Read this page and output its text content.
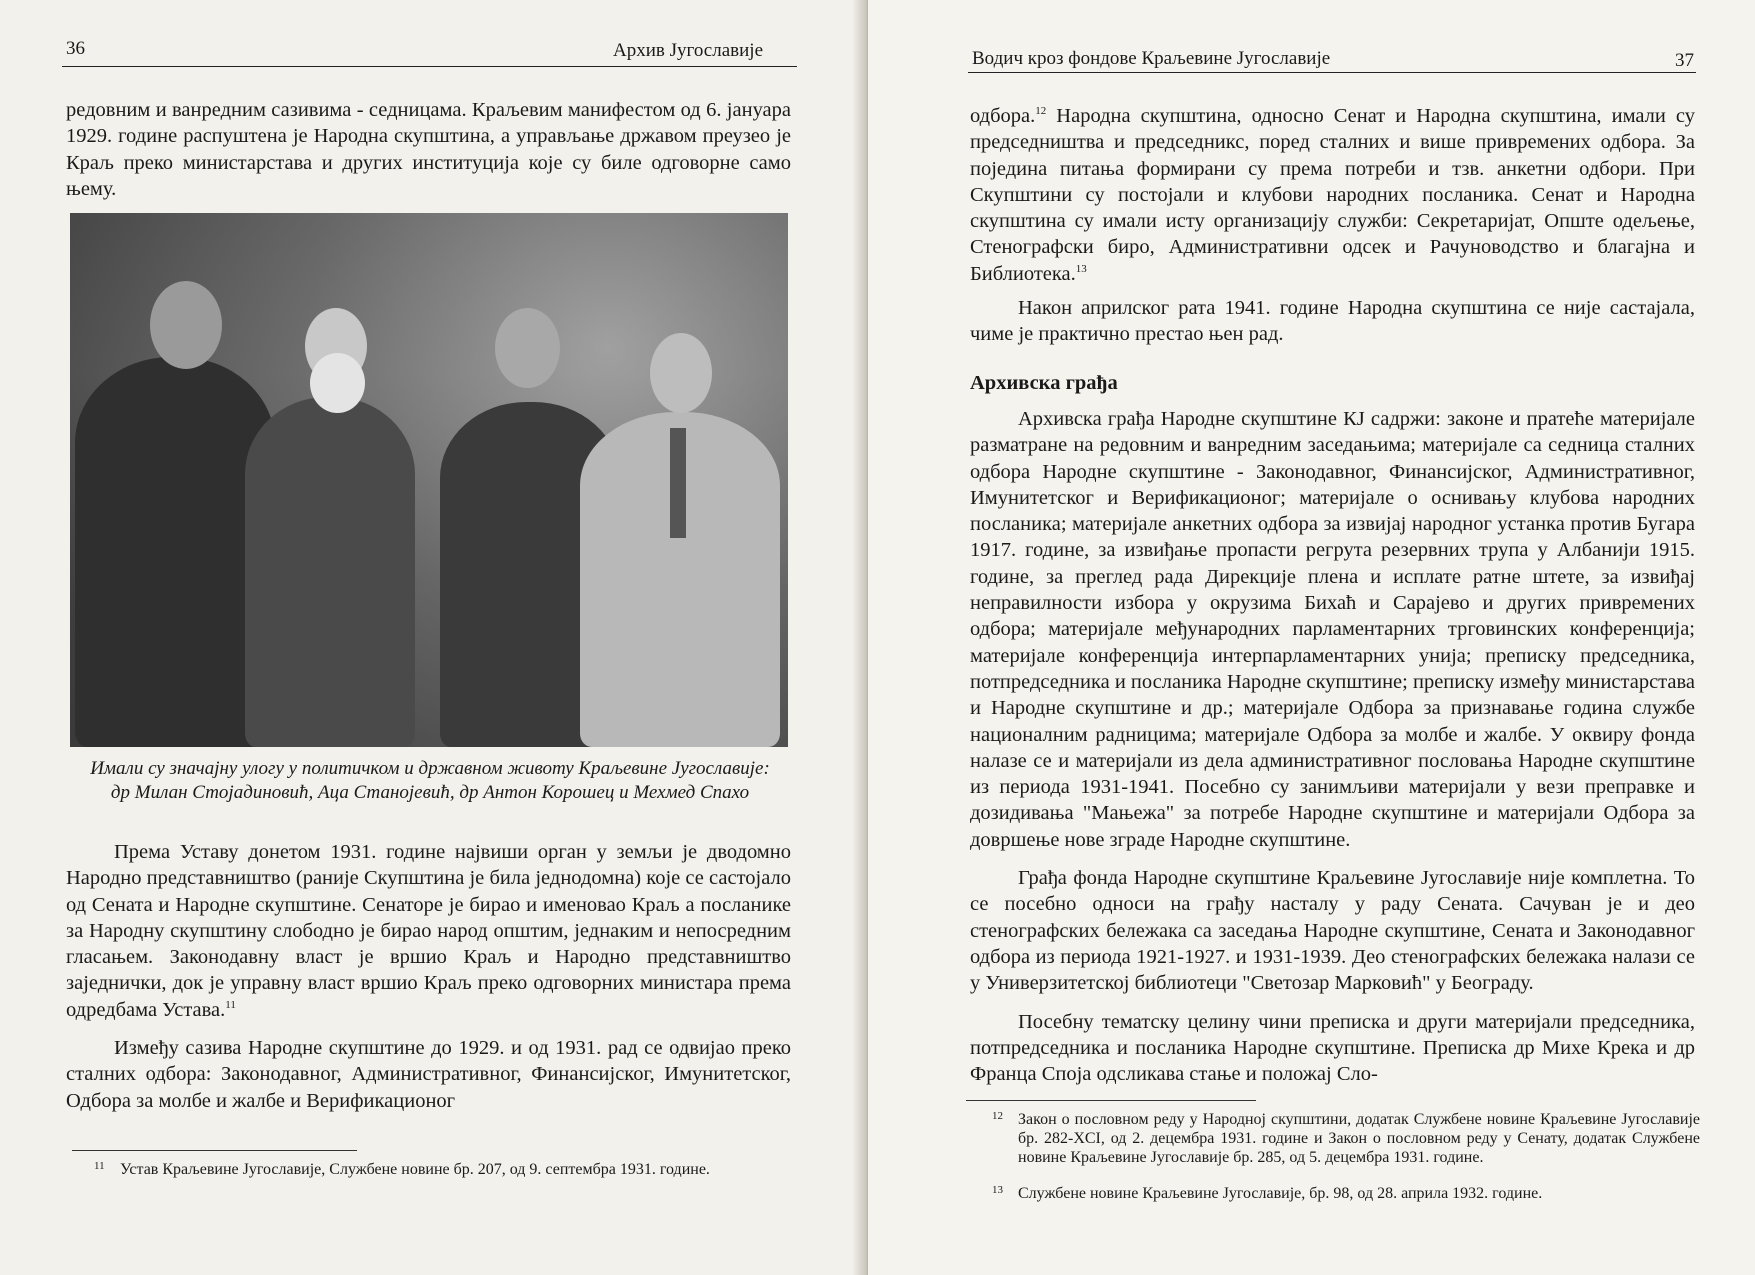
36	Архив Југославије

редовним и ванредним сазивима - седницама. Краљевим манифестом од 6. јануара 1929. године распуштена је Народна скупштина, а управљање државом преузео је Краљ преко министарстава и других институција које су биле одговорне само њему.

Имали су значајну улогу у политичком и државном животу Краљевине Југославије: др Милан Стојадиновић, Аца Станојевић, др Антон Корошец и Мехмед Спахо

Према Уставу донетом 1931. године највиши орган у земљи је дводомно Народно представништво (раније Скупштина је била једнодомна) које се састојало од Сената и Народне скупштине. Сенаторе је бирао и именовао Краљ а посланике за Народну скупштину слободно је бирао народ општим, једнаким и непосредним гласањем. Законодавну власт је вршио Краљ и Народно представништво заједнички, док је управну власт вршио Краљ преко одговорних министара према одредбама Устава.$^{11}$

Између сазива Народне скупштине до 1929. и од 1931. рад се одвијао преко сталних одбора: Законодавног, Административног, Финансијског, Имунитетског, Одбора за молбе и жалбе и Верификационог

11 Устав Краљевине Југославије, Службене новине бр. 207, од 9. септембра 1931. године.
Водич кроз фондове Краљевине Југославије	37

одбора.$^{12}$ Народна скупштина, односно Сенат и Народна скупштина, имали су председништва и председникс, поред сталних и више привремених одбора. За поједина питања формирани су према потреби и тзв. анкетни одбори. При Скупштини су постојали и клубови народних посланика. Сенат и Народна скупштина су имали исту организацију служби: Секретаријат, Опште одељење, Стенографски биро, Административни одсек и Рачуноводство и благајна и Библиотека.$^{13}$

Након априлског рата 1941. године Народна скупштина се није састајала, чиме је практично престао њен рад.

Архивска грађа

Архивска грађа Народне скупштине КЈ садржи: законе и пратеће материјале разматране на редовним и ванредним заседањима; материјале са седница сталних одбора Народне скупштине - Законодавног, Финансијског, Административног, Имунитетског и Верификационог; материјале о оснивању клубова народних посланика; материјале анкетних одбора за извијај народног устанка против Бугара 1917. године, за извиђање пропасти регрута резервних трупа у Албанији 1915. године, за преглед рада Дирекције плена и исплате ратне штете, за извиђај неправилности избора у окрузима Бихаћ и Сарајево и других привремених одбора; материјале међународних парламентарних трговинских конференција; материјале конференција интерпарламентарних унија; преписку председника, потпредседника и посланика Народне скупштине; преписку између министарстава и Народне скупштине и др.; материјале Одбора за признавање година службе националним радницима; материјале Одбора за молбе и жалбе. У оквиру фонда налазе се и материјали из дела административног пословања Народне скупштине из периода 1931-1941. Посебно су занимљиви материјали у вези преправке и дозидивања "Мањежа" за потребе Народне скупштине и материјали Одбора за довршење нове зграде Народне скупштине.

Грађа фонда Народне скупштине Краљевине Југославије није комплетна. То се посебно односи на грађу насталу у раду Сената. Сачуван је и део стенографских бележака са заседања Народне скупштине, Сената и Законодавног одбора из периода 1921-1927. и 1931-1939. Део стенографских бележака налази се у Универзитетској библиотеци "Светозар Марковић" у Београду.

Посебну тематску целину чини преписка и други материјали председника, потпредседника и посланика Народне скупштине. Преписка др Михе Крека и др Франца Споја одсликава стање и положај Сло-

12 Закон о пословном реду у Народној скупштини, додатак Службене новине Краљевине Југославије бр. 282-XCI, од 2. децембра 1931. године и Закон о пословном реду у Сенату, додатак Службене новине Краљевине Југославије бр. 285, од 5. децембра 1931. године.
13 Службене новине Краљевине Југославије, бр. 98, од 28. априла 1932. године.
